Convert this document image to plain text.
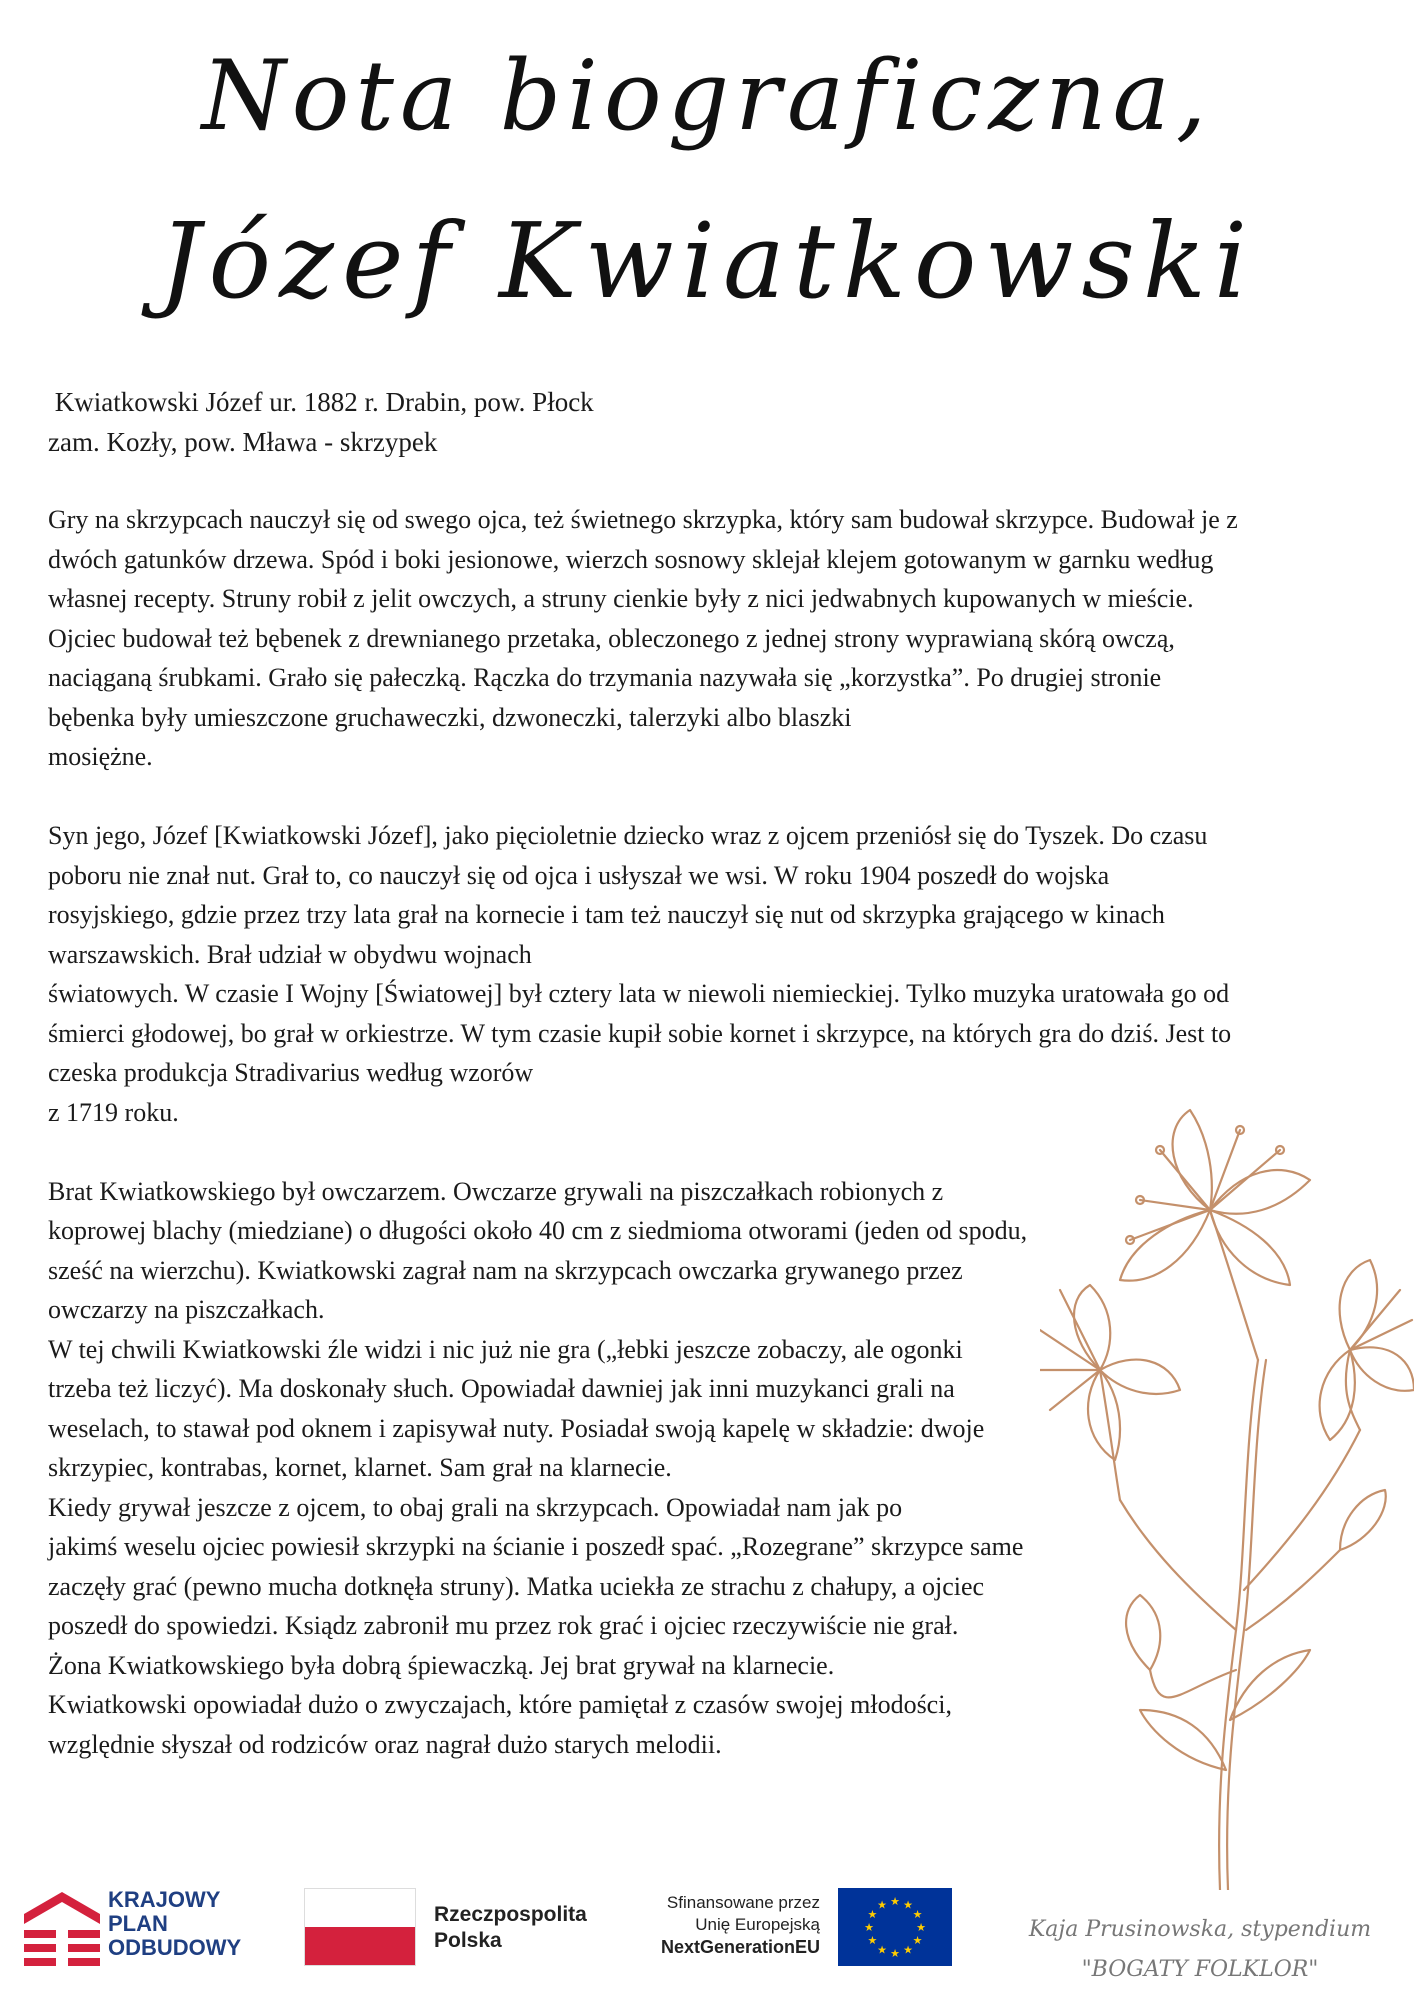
Nota biograficzna,
Józef Kwiatkowski
Kwiatkowski Józef ur. 1882 r. Drabin, pow. Płock
zam. Kozły, pow. Mława - skrzypek
Gry na skrzypcach nauczył się od swego ojca, też świetnego skrzypka, który sam budował skrzypce. Budował je z
dwóch gatunków drzewa. Spód i boki jesionowe, wierzch sosnowy sklejał klejem gotowanym w garnku według
własnej recepty. Struny robił z jelit owczych, a struny cienkie były z nici jedwabnych kupowanych w mieście.
Ojciec budował też bębenek z drewnianego przetaka, obleczonego z jednej strony wyprawianą skórą owczą,
naciąganą śrubkami. Grało się pałeczką. Rączka do trzymania nazywała się „korzystka”. Po drugiej stronie
bębenka były umieszczone gruchaweczki, dzwoneczki, talerzyki albo blaszki
mosiężne.
Syn jego, Józef [Kwiatkowski Józef], jako pięcioletnie dziecko wraz z ojcem przeniósł się do Tyszek. Do czasu
poboru nie znał nut. Grał to, co nauczył się od ojca i usłyszał we wsi. W roku 1904 poszedł do wojska
rosyjskiego, gdzie przez trzy lata grał na kornecie i tam też nauczył się nut od skrzypka grającego w kinach
warszawskich. Brał udział w obydwu wojnach
światowych. W czasie I Wojny [Światowej] był cztery lata w niewoli niemieckiej. Tylko muzyka uratowała go od
śmierci głodowej, bo grał w orkiestrze. W tym czasie kupił sobie kornet i skrzypce, na których gra do dziś. Jest to
czeska produkcja Stradivarius według wzorów
z 1719 roku.
Brat Kwiatkowskiego był owczarzem. Owczarze grywali na piszczałkach robionych z
koprowej blachy (miedziane) o długości około 40 cm z siedmioma otworami (jeden od spodu,
sześć na wierzchu). Kwiatkowski zagrał nam na skrzypcach owczarka grywanego przez
owczarzy na piszczałkach.
W tej chwili Kwiatkowski źle widzi i nic już nie gra („łebki jeszcze zobaczy, ale ogonki
trzeba też liczyć). Ma doskonały słuch. Opowiadał dawniej jak inni muzykanci grali na
weselach, to stawał pod oknem i zapisywał nuty. Posiadał swoją kapelę w składzie: dwoje
skrzypiec, kontrabas, kornet, klarnet. Sam grał na klarnecie.
Kiedy grywał jeszcze z ojcem, to obaj grali na skrzypcach. Opowiadał nam jak po
jakimś weselu ojciec powiesił skrzypki na ścianie i poszedł spać. „Rozegrane” skrzypce same
zaczęły grać (pewno mucha dotknęła struny). Matka uciekła ze strachu z chałupy, a ojciec
poszedł do spowiedzi. Ksiądz zabronił mu przez rok grać i ojciec rzeczywiście nie grał.
Żona Kwiatkowskiego była dobrą śpiewaczką. Jej brat grywał na klarnecie.
Kwiatkowski opowiadał dużo o zwyczajach, które pamiętał z czasów swojej młodości,
względnie słyszał od rodziców oraz nagrał dużo starych melodii.
KRAJOWY
PLAN
ODBUDOWY
Rzeczpospolita
Polska
Sfinansowane przez
Unię Europejską
NextGenerationEU
★
★
★
★
★
★
★
★
★ ★ ★
★
Kaja Prusinowska, stypendium
"BOGATY FOLKLOR"
